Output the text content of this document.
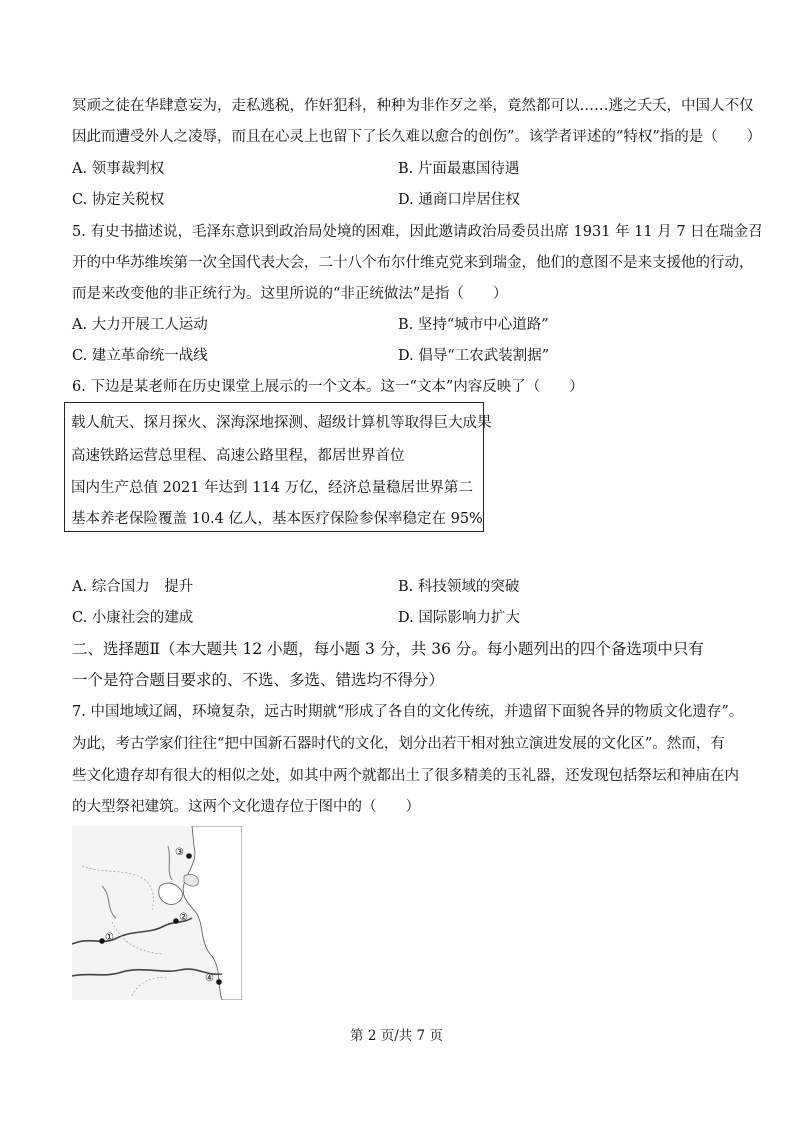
冥顽之徒在华肆意妄为，走私逃税，作奸犯科，种种为非作歹之举，竟然都可以……逃之夭夭，中国人不仅
因此而遭受外人之凌辱，而且在心灵上也留下了长久难以愈合的创伤”。该学者评述的“特权”指的是（　　）
A. 领事裁判权	B. 片面最惠国待遇
C. 协定关税权	D. 通商口岸居住权
5. 有史书描述说，毛泽东意识到政治局处境的困难，因此邀请政治局委员出席 1931 年 11 月 7 日在瑞金召
开的中华苏维埃第一次全国代表大会，二十八个布尔什维克党来到瑞金，他们的意图不是来支援他的行动，
而是来改变他的非正统行为。这里所说的“非正统做法”是指（　　）
A. 大力开展工人运动	B. 坚持“城市中心道路”
C. 建立革命统一战线	D. 倡导“工农武装割据”
6. 下边是某老师在历史课堂上展示的一个文本。这一“文本”内容反映了（　　）
载人航天、探月探火、深海深地探测、超级计算机等取得巨大成果
高速铁路运营总里程、高速公路里程，都居世界首位
国内生产总值 2021 年达到 114 万亿，经济总量稳居世界第二
基本养老保险覆盖 10.4 亿人，基本医疗保险参保率稳定在 95%
A. 综合国力　提升	B. 科技领域的突破
C. 小康社会的建成	D. 国际影响力扩大
二、选择题Ⅱ（本大题共 12 小题，每小题 3 分，共 36 分。每小题列出的四个备选项中只有
一个是符合题目要求的、不选、多选、错选均不得分）
7. 中国地域辽阔，环境复杂，远古时期就“形成了各自的文化传统，并遗留下面貌各异的物质文化遗存”。
为此，考古学家们往往“把中国新石器时代的文化，划分出若干相对独立演进发展的文化区”。然而，有
些文化遗存却有很大的相似之处，如其中两个就都出土了很多精美的玉礼器，还发现包括祭坛和神庙在内
的大型祭祀建筑。这两个文化遗存位于图中的（　　）
③
②
①
④
第 2 页/共 7 页
